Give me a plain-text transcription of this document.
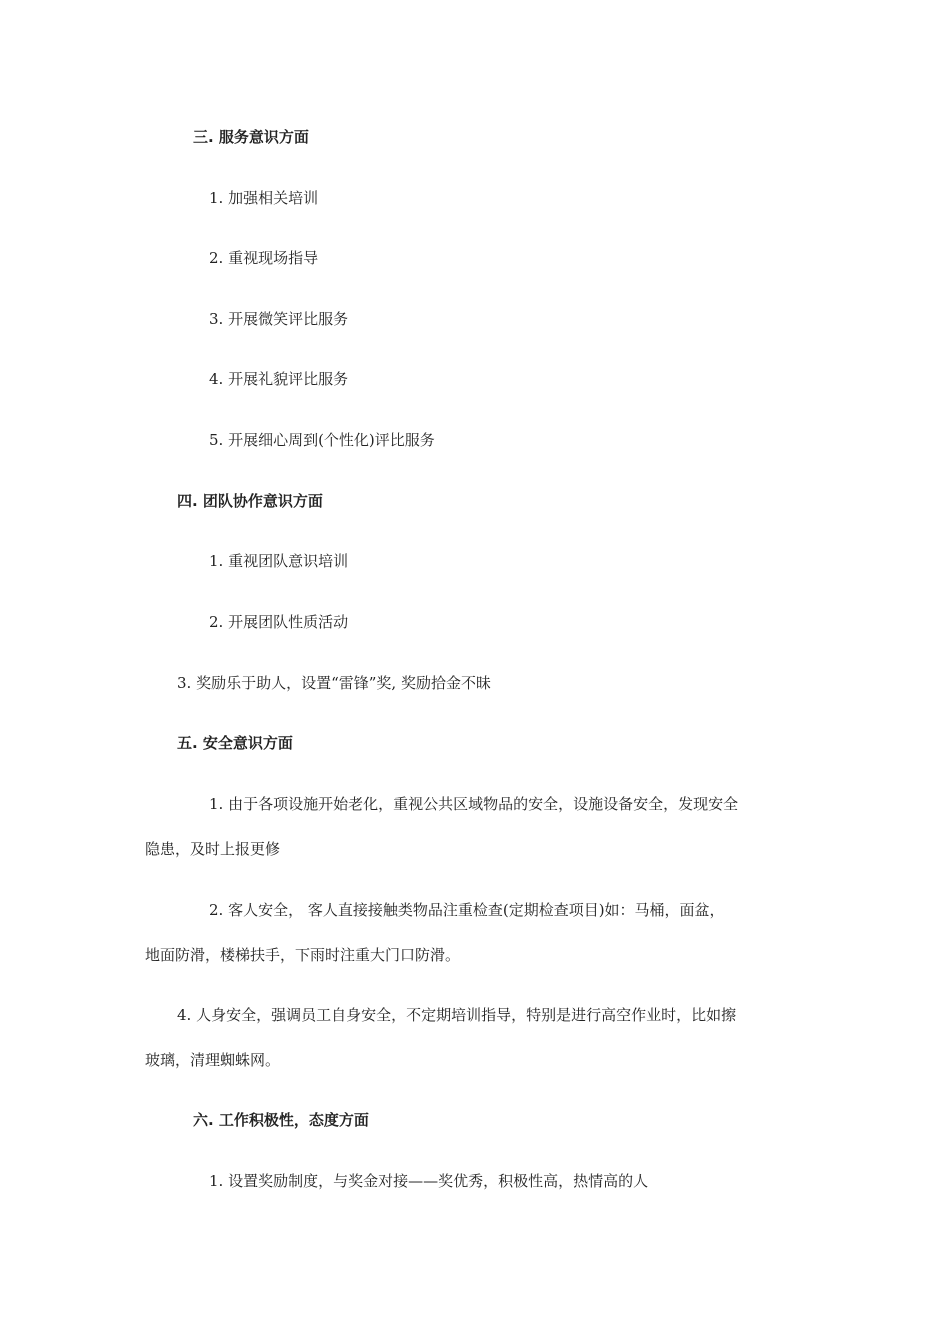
三. 服务意识方面
1. 加强相关培训
2. 重视现场指导
3. 开展微笑评比服务
4. 开展礼貌评比服务
5. 开展细心周到(个性化)评比服务
四. 团队协作意识方面
1. 重视团队意识培训
2. 开展团队性质活动
3. 奖励乐于助人，设置“雷锋”奖, 奖励拾金不昧
五. 安全意识方面
1. 由于各项设施开始老化，重视公共区域物品的安全，设施设备安全，发现安全
隐患，及时上报更修
2. 客人安全， 客人直接接触类物品注重检查(定期检查项目)如：马桶，面盆，
地面防滑，楼梯扶手，下雨时注重大门口防滑。
4. 人身安全，强调员工自身安全，不定期培训指导，特别是进行高空作业时，比如擦
玻璃，清理蜘蛛网。
六. 工作积极性，态度方面
1. 设置奖励制度，与奖金对接——奖优秀，积极性高，热情高的人
